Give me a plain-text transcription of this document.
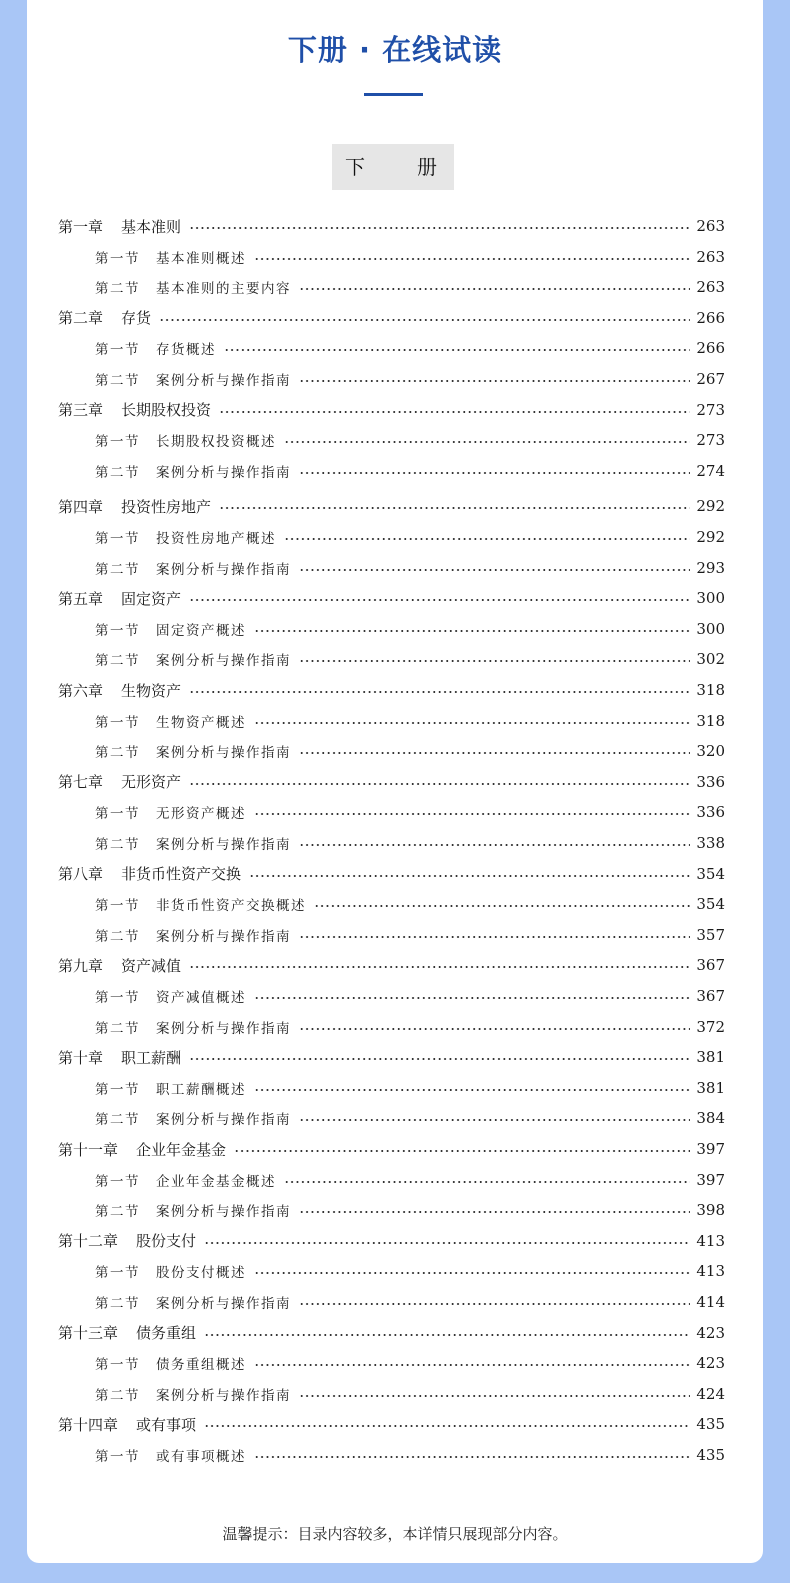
下册 · 在线试读
下　　册
第一章 基本准则	263
第一节 基本准则概述	263
第二节 基本准则的主要内容	263
第二章 存货	266
第一节 存货概述	266
第二节 案例分析与操作指南	267
第三章 长期股权投资	273
第一节 长期股权投资概述	273
第二节 案例分析与操作指南	274
第四章 投资性房地产	292
第一节 投资性房地产概述	292
第二节 案例分析与操作指南	293
第五章 固定资产	300
第一节 固定资产概述	300
第二节 案例分析与操作指南	302
第六章 生物资产	318
第一节 生物资产概述	318
第二节 案例分析与操作指南	320
第七章 无形资产	336
第一节 无形资产概述	336
第二节 案例分析与操作指南	338
第八章 非货币性资产交换	354
第一节 非货币性资产交换概述	354
第二节 案例分析与操作指南	357
第九章 资产减值	367
第一节 资产减值概述	367
第二节 案例分析与操作指南	372
第十章 职工薪酬	381
第一节 职工薪酬概述	381
第二节 案例分析与操作指南	384
第十一章 企业年金基金	397
第一节 企业年金基金概述	397
第二节 案例分析与操作指南	398
第十二章 股份支付	413
第一节 股份支付概述	413
第二节 案例分析与操作指南	414
第十三章 债务重组	423
第一节 债务重组概述	423
第二节 案例分析与操作指南	424
第十四章 或有事项	435
第一节 或有事项概述	435
温馨提示：目录内容较多，本详情只展现部分内容。
